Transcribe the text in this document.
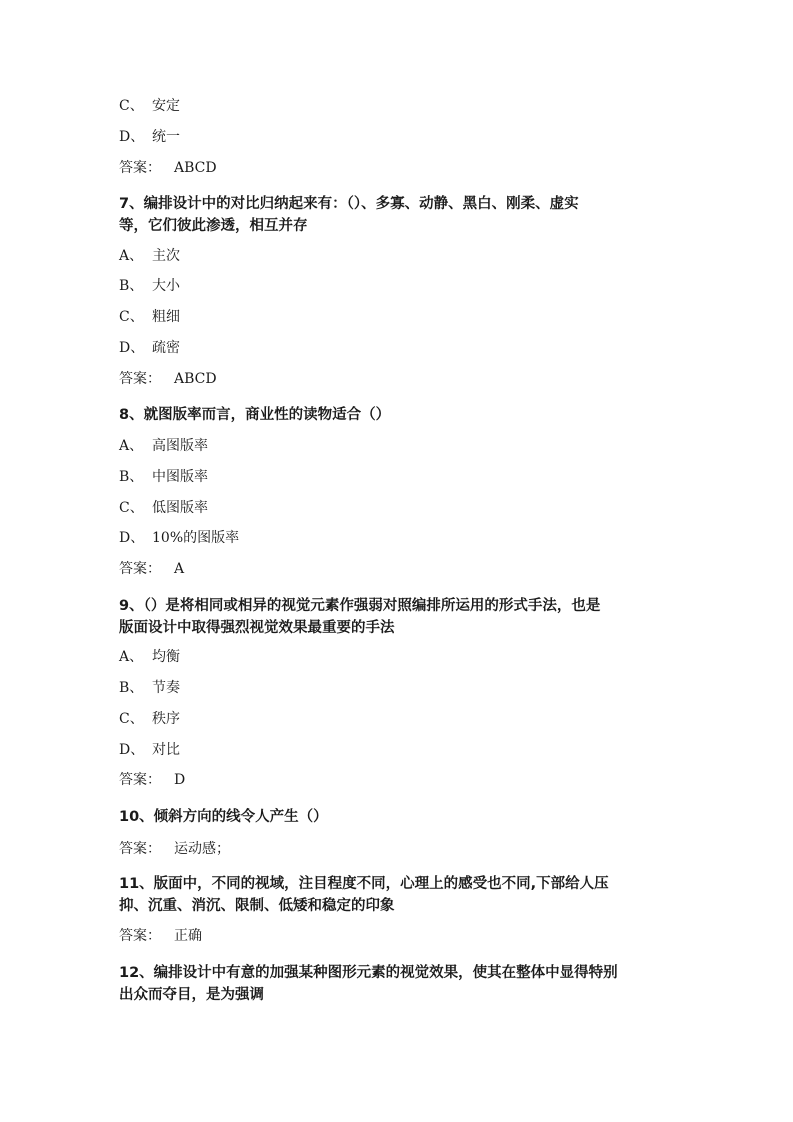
C、 安定
D、 统一
答案： ABCD
7、编排设计中的对比归纳起来有：（）、多寡、动静、黑白、刚柔、虚实
等，它们彼此渗透，相互并存
A、 主次
B、 大小
C、 粗细
D、 疏密
答案： ABCD
8、就图版率而言，商业性的读物适合（）
A、 高图版率
B、 中图版率
C、 低图版率
D、 10%的图版率
答案： A
9、（）是将相同或相异的视觉元素作强弱对照编排所运用的形式手法，也是
版面设计中取得强烈视觉效果最重要的手法
A、 均衡
B、 节奏
C、 秩序
D、 对比
答案： D
10、倾斜方向的线令人产生（）
答案： 运动感；
11、版面中，不同的视域，注目程度不同，心理上的感受也不同,下部给人压
抑、沉重、消沉、限制、低矮和稳定的印象
答案： 正确
12、编排设计中有意的加强某种图形元素的视觉效果，使其在整体中显得特别
出众而夺目，是为强调
